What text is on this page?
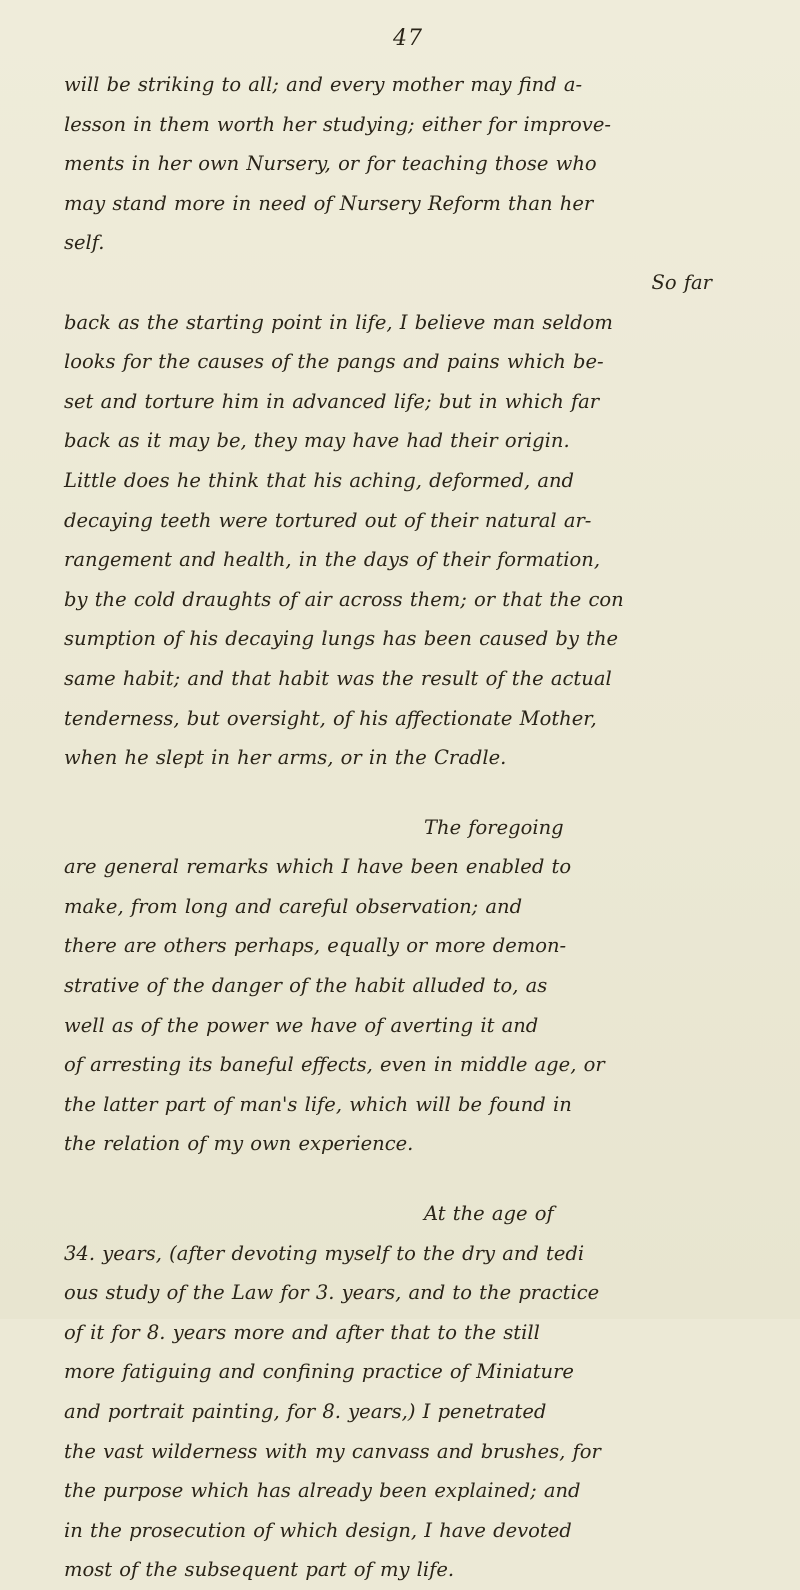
47
will be striking to all; and every mother may find a-
lesson in them worth her studying; either for improve-
ments in her own Nursery, or for teaching those who
may stand more in need of Nursery Reform than her
self.
So far
back as the starting point in life, I believe man seldom
looks for the causes of the pangs and pains which be-
set and torture him in advanced life; but in which far
back as it may be, they may have had their origin.
Little does he think that his aching, deformed, and
decaying teeth were tortured out of their natural ar-
rangement and health, in the days of their formation,
by the cold draughts of air across them; or that the con
sumption of his decaying lungs has been caused by the
same habit; and that habit was the result of the actual
tenderness, but oversight, of his affectionate Mother,
when he slept in her arms, or in the Cradle.
The foregoing
are general remarks which I have been enabled to
make, from long and careful observation; and
there are others perhaps, equally or more demon-
strative of the danger of the habit alluded to, as
well as of the power we have of averting it and
of arresting its baneful effects, even in middle age, or
the latter part of man's life, which will be found in
the relation of my own experience.
At the age of
34. years, (after devoting myself to the dry and tedi
ous study of the Law for 3. years, and to the practice
of it for 8. years more and after that to the still
more fatiguing and confining practice of Miniature
and portrait painting, for 8. years,) I penetrated
the vast wilderness with my canvass and brushes, for
the purpose which has already been explained; and
in the prosecution of which design, I have devoted
most of the subsequent part of my life.
